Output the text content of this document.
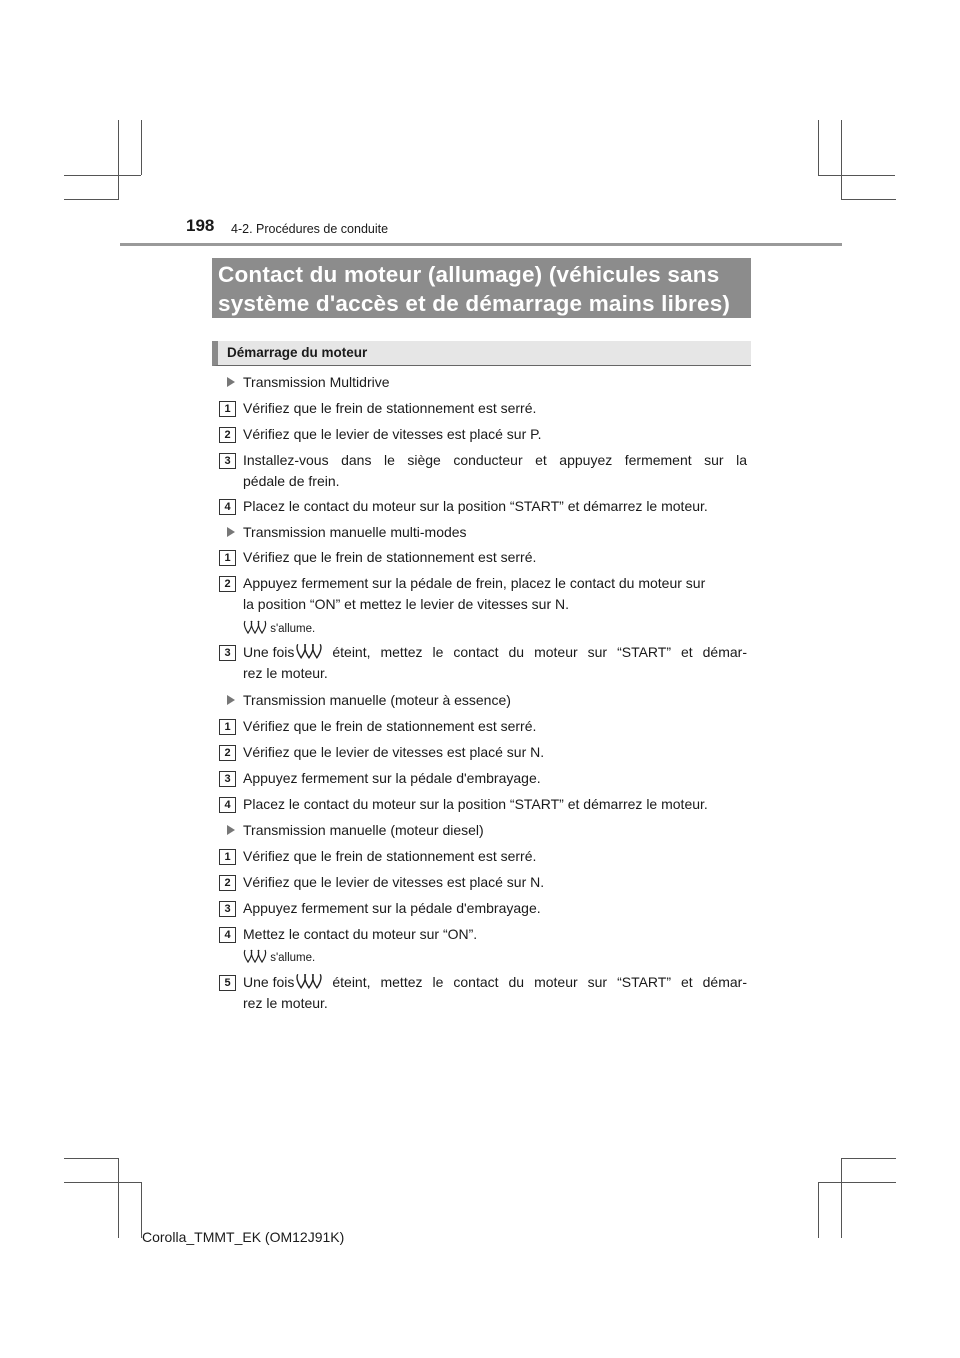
198 4-2. Procédures de conduite
Contact du moteur (allumage) (véhicules sans
système d'accès et de démarrage mains libres)
Démarrage du moteur
Transmission Multidrive
1 Vérifiez que le frein de stationnement est serré.
2 Vérifiez que le levier de vitesses est placé sur P.
3 Installez-vous dans le siège conducteur et appuyez fermement sur la
pédale de frein.
4 Placez le contact du moteur sur la position “START” et démarrez le moteur.
Transmission manuelle multi-modes
1 Vérifiez que le frein de stationnement est serré.
2 Appuyez fermement sur la pédale de frein, placez le contact du moteur sur
la position “ON” et mettez le levier de vitesses sur N.
s'allume.
3 Une fois	éteint, mettez le contact du moteur sur “START” et démar-
rez le moteur.
Transmission manuelle (moteur à essence)
1 Vérifiez que le frein de stationnement est serré.
2 Vérifiez que le levier de vitesses est placé sur N.
3 Appuyez fermement sur la pédale d'embrayage.
4 Placez le contact du moteur sur la position “START” et démarrez le moteur.
Transmission manuelle (moteur diesel)
1 Vérifiez que le frein de stationnement est serré.
2 Vérifiez que le levier de vitesses est placé sur N.
3 Appuyez fermement sur la pédale d'embrayage.
4 Mettez le contact du moteur sur “ON”.
s'allume.
5 Une fois	éteint, mettez le contact du moteur sur “START” et démar-
rez le moteur.
Corolla_TMMT_EK (OM12J91K)
